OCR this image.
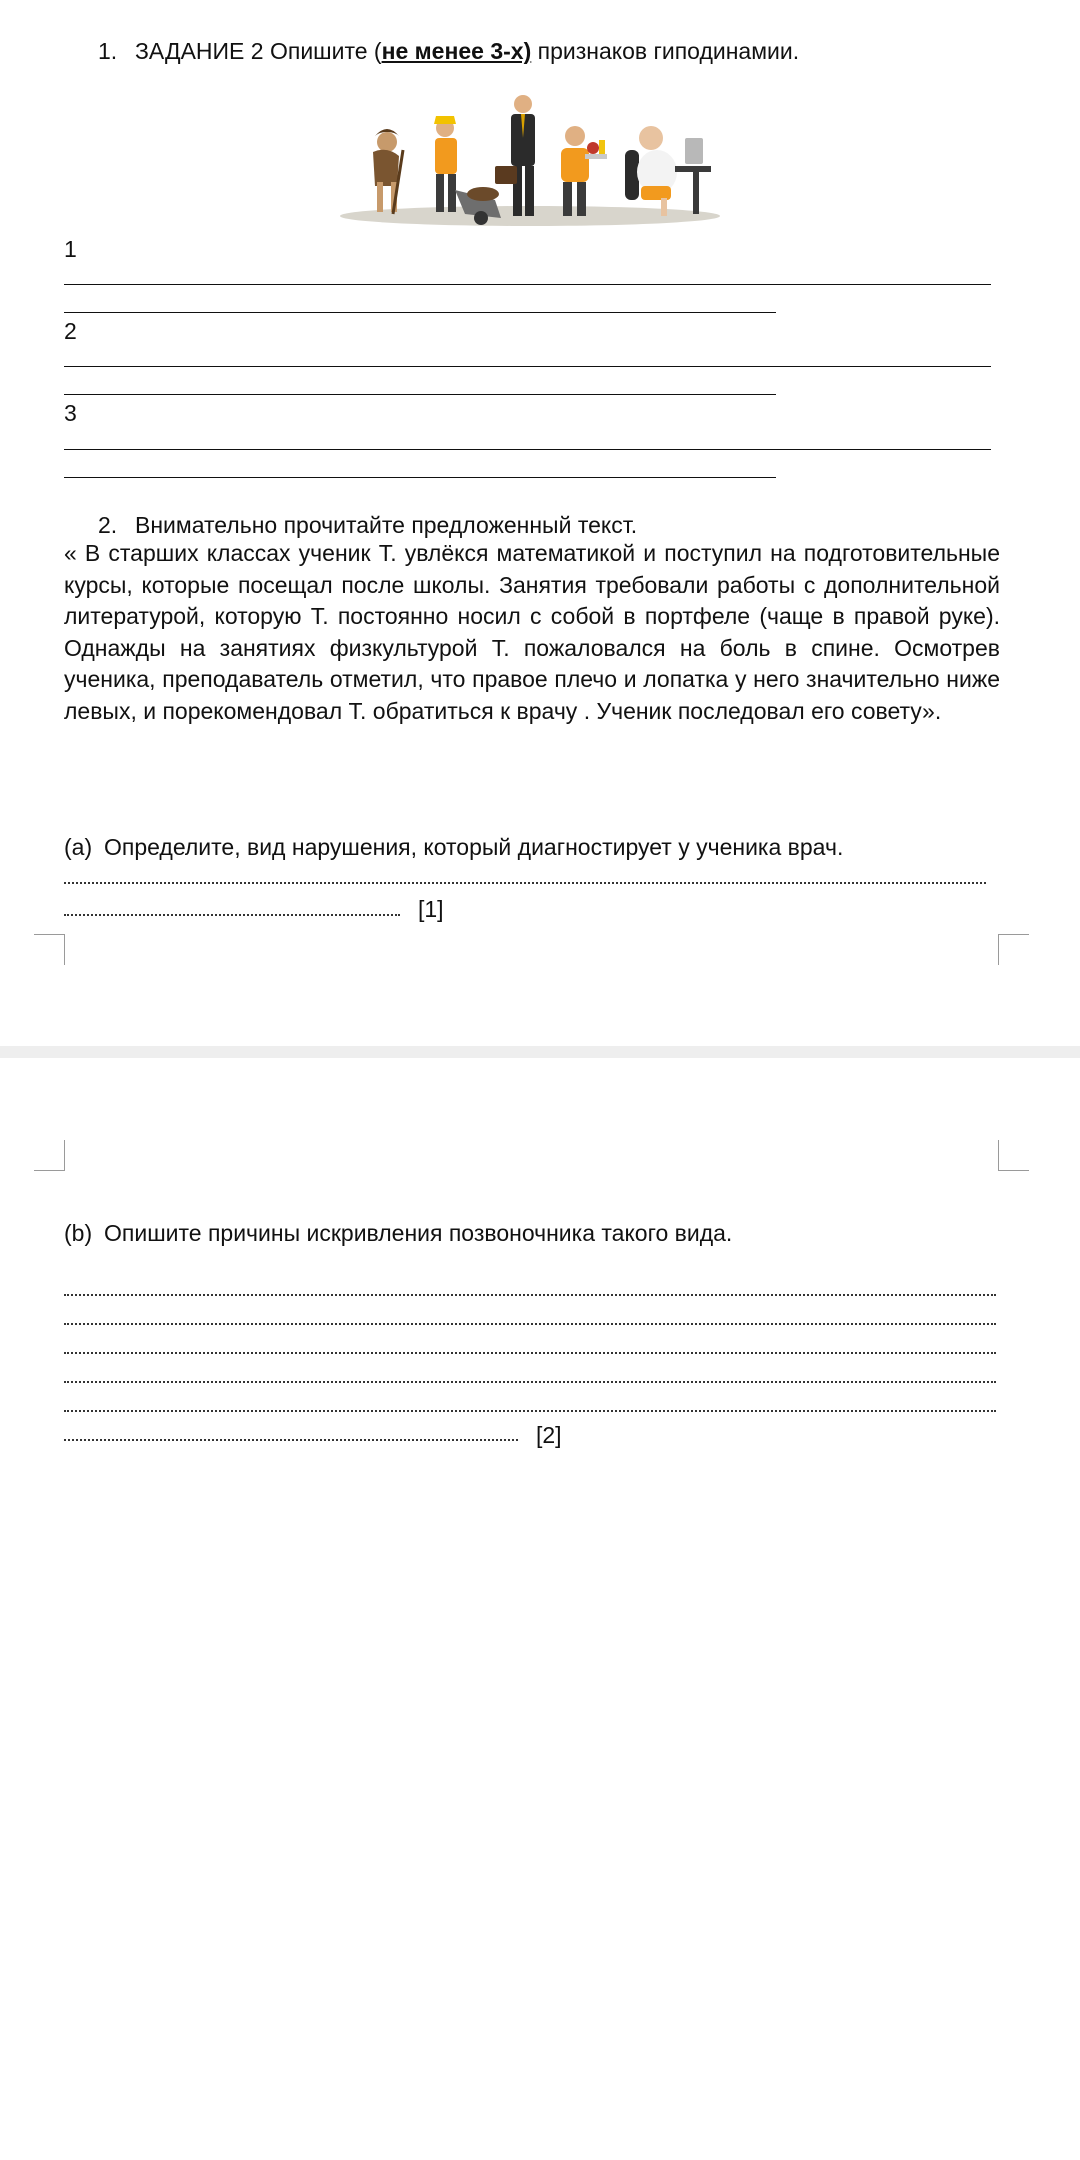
1. ЗАДАНИЕ 2 Опишите (не менее 3-х) признаков гиподинамии.
1
2
3
2. Внимательно прочитайте предложенный текст.
« В старших классах ученик Т. увлёкся математикой и поступил на подготовительные курсы, которые посещал после школы. Занятия требовали работы с дополнительной литературой, которую Т. постоянно носил с собой в портфеле (чаще в правой руке). Однажды на занятиях физкультурой Т. пожаловался на боль в спине. Осмотрев ученика, преподаватель отметил, что правое плечо и лопатка у него значительно ниже левых, и порекомендовал Т. обратиться к врачу . Ученик последовал его совету».
(a) Определите, вид нарушения, который диагностирует у ученика врач.
[1]
(b) Опишите причины искривления позвоночника такого вида.
[2]
